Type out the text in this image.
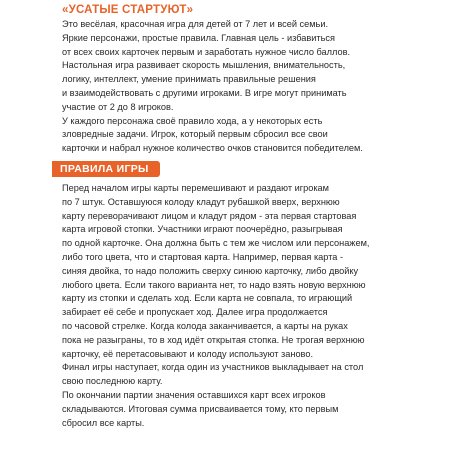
«УСАТЫЕ СТАРТУЮТ»

Это весёлая, красочная игра для детей от 7 лет и всей семьи.
Яркие персонажи, простые правила. Главная цель - избавиться
от всех своих карточек первым и заработать нужное число баллов.
Настольная игра развивает скорость мышления, внимательность,
логику, интеллект, умение принимать правильные решения
и взаимодействовать с другими игроками. В игре могут принимать
участие от 2 до 8 игроков.

У каждого персонажа своё правило хода, а у некоторых есть
зловредные задачи. Игрок, который первым сбросил все свои
карточки и набрал нужное количество очков становится победителем.

ПРАВИЛА ИГРЫ

Перед началом игры карты перемешивают и раздают игрокам
по 7 штук. Оставшуюся колоду кладут рубашкой вверх, верхнюю
карту переворачивают лицом и кладут рядом - эта первая стартовая
карта игровой стопки. Участники играют поочерёдно, разыгрывая
по одной карточке. Она должна быть с тем же числом или персонажем,
либо того цвета, что и стартовая карта. Например, первая карта -
синяя двойка, то надо положить сверху синюю карточку, либо двойку
любого цвета. Если такого варианта нет, то надо взять новую верхнюю
карту из стопки и сделать ход. Если карта не совпала, то играющий
забирает её себе и пропускает ход. Далее игра продолжается
по часовой стрелке. Когда колода заканчивается, а карты на руках
пока не разыграны, то в ход идёт открытая стопка. Не трогая верхнюю
карточку, её перетасовывают и колоду используют заново.

Финал игры наступает, когда один из участников выкладывает на стол
свою последнюю карту.

По окончании партии значения оставшихся карт всех игроков
складываются. Итоговая сумма присваивается тому, кто первым
сбросил все карты.
